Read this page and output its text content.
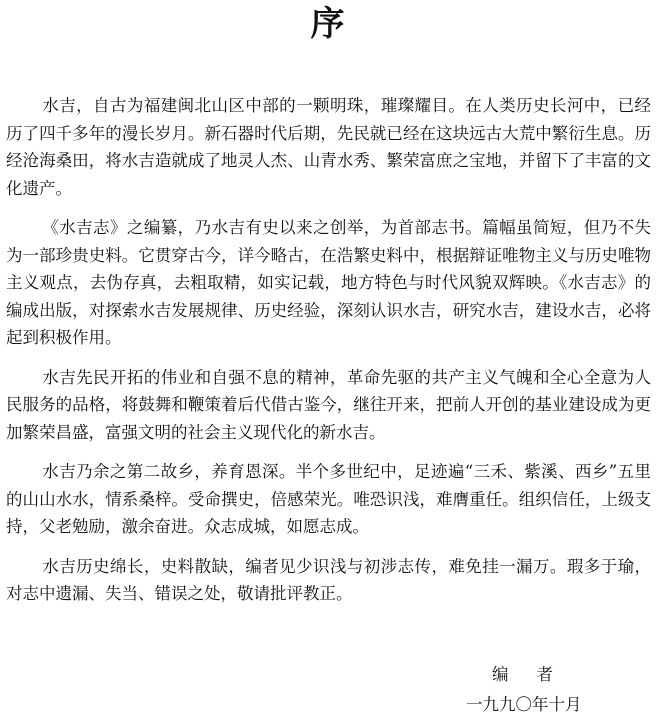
序

水吉，自古为福建闽北山区中部的一颗明珠，璀璨耀目。在人类历史长河中，已经历了四千多年的漫长岁月。新石器时代后期，先民就已经在这块远古大荒中繁衍生息。历经沧海桑田，将水吉造就成了地灵人杰、山青水秀、繁荣富庶之宝地，并留下了丰富的文化遗产。

《水吉志》之编纂，乃水吉有史以来之创举，为首部志书。篇幅虽简短，但乃不失为一部珍贵史料。它贯穿古今，详今略古，在浩繁史料中，根据辩证唯物主义与历史唯物主义观点，去伪存真，去粗取精，如实记载，地方特色与时代风貌双辉映。《水吉志》的编成出版，对探索水吉发展规律、历史经验，深刻认识水吉，研究水吉，建设水吉，必将起到积极作用。

水吉先民开拓的伟业和自强不息的精神，革命先驱的共产主义气魄和全心全意为人民服务的品格，将鼓舞和鞭策着后代借古鉴今，继往开来，把前人开创的基业建设成为更加繁荣昌盛，富强文明的社会主义现代化的新水吉。

水吉乃余之第二故乡，养育恩深。半个多世纪中，足迹遍“三禾、紫溪、西乡”五里的山山水水，情系桑梓。受命撰史，倍感荣光。唯恐识浅，难膺重任。组织信任，上级支持，父老勉励，激余奋进。众志成城，如愿志成。

水吉历史绵长，史料散缺，编者见少识浅与初涉志传，难免挂一漏万。瑕多于瑜，对志中遗漏、失当、错误之处，敬请批评教正。

编者
一九九〇年十月
